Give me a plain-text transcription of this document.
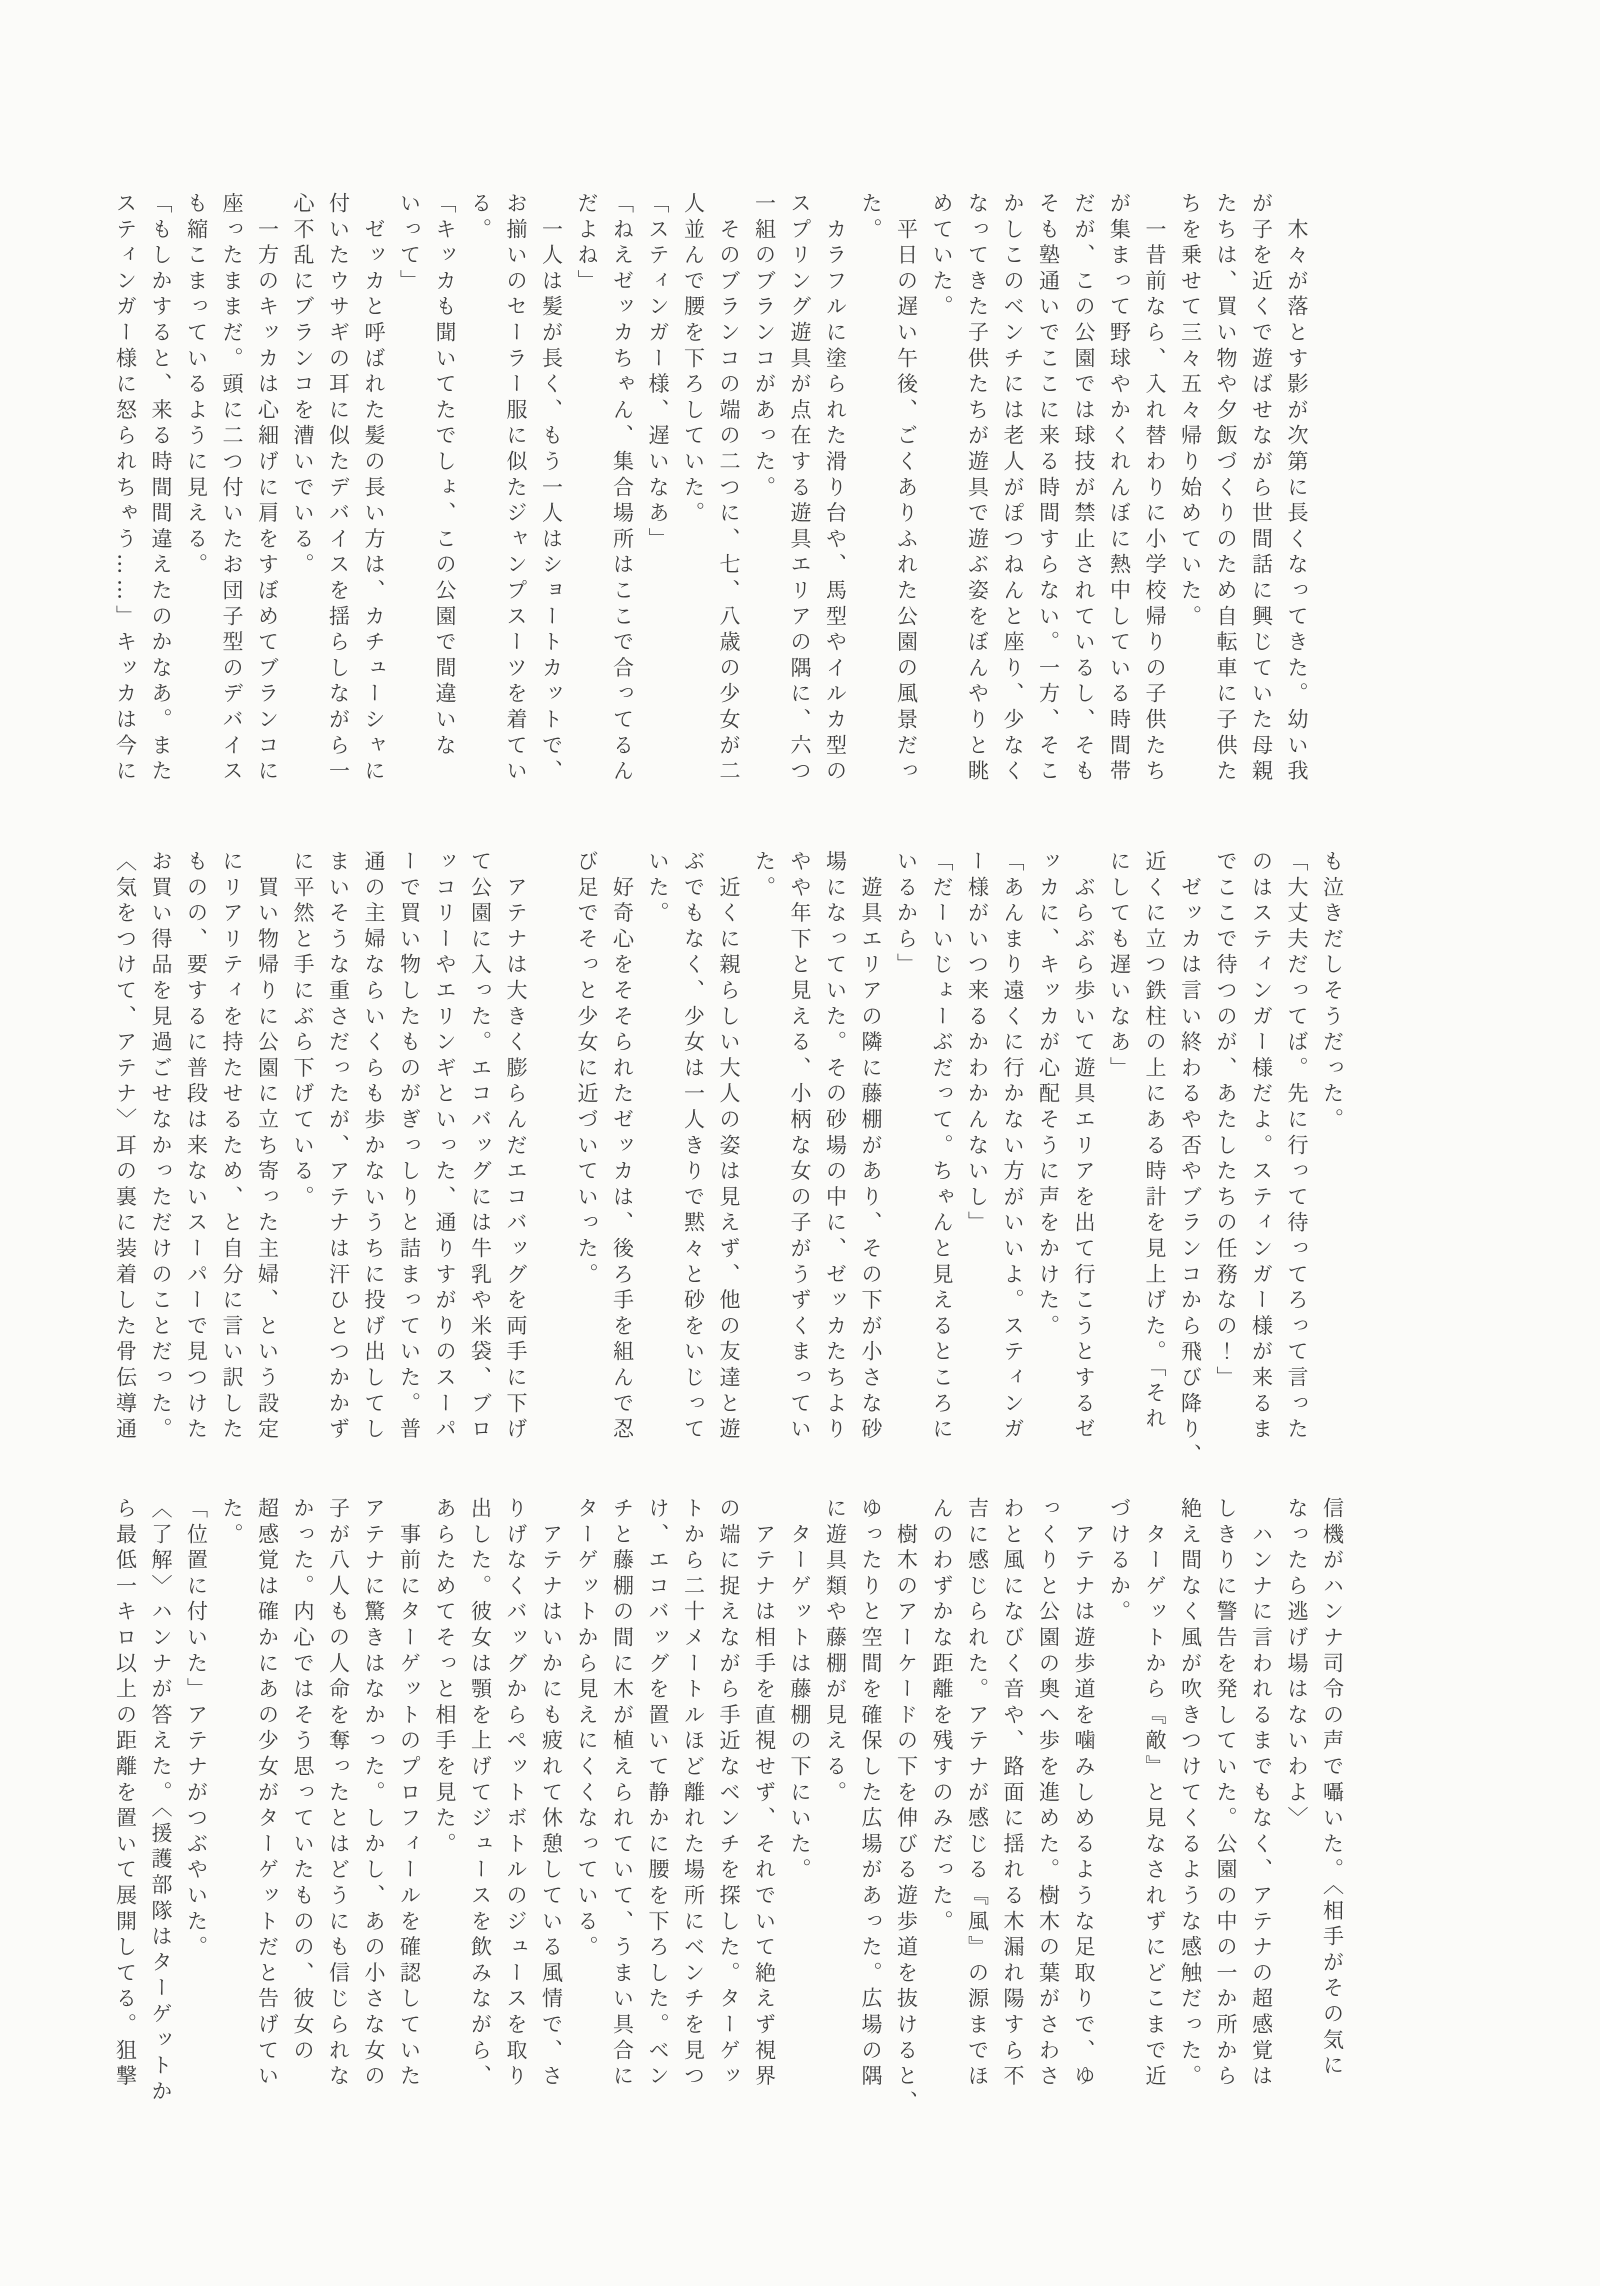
　木々が落とす影が次第に長くなってきた。幼い我
が子を近くで遊ばせながら世間話に興じていた母親
たちは、買い物や夕飯づくりのため自転車に子供た
ちを乗せて三々五々帰り始めていた。
　一昔前なら、入れ替わりに小学校帰りの子供たち
が集まって野球やかくれんぼに熱中している時間帯
だが、この公園では球技が禁止されているし、そも
そも塾通いでここに来る時間すらない。一方、そこ
かしこのベンチには老人がぽつねんと座り、少なく
なってきた子供たちが遊具で遊ぶ姿をぼんやりと眺
めていた。
　平日の遅い午後、ごくありふれた公園の風景だっ
た。
　カラフルに塗られた滑り台や、馬型やイルカ型の
スプリング遊具が点在する遊具エリアの隅に、六つ
一組のブランコがあった。
　そのブランコの端の二つに、七、八歳の少女が二
人並んで腰を下ろしていた。
「スティンガー様、遅いなあ」
「ねえゼッカちゃん、集合場所はここで合ってるん
だよね」
　一人は髪が長く、もう一人はショートカットで、
お揃いのセーラー服に似たジャンプスーツを着てい
る。
「キッカも聞いてたでしょ、この公園で間違いな
いって」
　ゼッカと呼ばれた髪の長い方は、カチューシャに
付いたウサギの耳に似たデバイスを揺らしながら一
心不乱にブランコを漕いでいる。
　一方のキッカは心細げに肩をすぼめてブランコに
座ったままだ。頭に二つ付いたお団子型のデバイス
も縮こまっているように見える。
「もしかすると、来る時間間違えたのかなあ。また
スティンガー様に怒られちゃう……」キッカは今に
も泣きだしそうだった。
「大丈夫だってば。先に行って待ってろって言った
のはスティンガー様だよ。スティンガー様が来るま
でここで待つのが、あたしたちの任務なの！」
　ゼッカは言い終わるや否やブランコから飛び降り、
近くに立つ鉄柱の上にある時計を見上げた。「それ
にしても遅いなあ」
　ぶらぶら歩いて遊具エリアを出て行こうとするゼ
ッカに、キッカが心配そうに声をかけた。
「あんまり遠くに行かない方がいいよ。スティンガ
ー様がいつ来るかわかんないし」
「だーいじょーぶだって。ちゃんと見えるところに
いるから」
　遊具エリアの隣に藤棚があり、その下が小さな砂
場になっていた。その砂場の中に、ゼッカたちより
やや年下と見える、小柄な女の子がうずくまってい
た。
　近くに親らしい大人の姿は見えず、他の友達と遊
ぶでもなく、少女は一人きりで黙々と砂をいじって
いた。
　好奇心をそそられたゼッカは、後ろ手を組んで忍
び足でそっと少女に近づいていった。

　アテナは大きく膨らんだエコバッグを両手に下げ
て公園に入った。エコバッグには牛乳や米袋、ブロ
ッコリーやエリンギといった、通りすがりのスーパ
ーで買い物したものがぎっしりと詰まっていた。普
通の主婦ならいくらも歩かないうちに投げ出してし
まいそうな重さだったが、アテナは汗ひとつかかず
に平然と手にぶら下げている。
　買い物帰りに公園に立ち寄った主婦、という設定
にリアリティを持たせるため、と自分に言い訳した
ものの、要するに普段は来ないスーパーで見つけた
お買い得品を見過ごせなかっただけのことだった。
〈気をつけて、アテナ〉耳の裏に装着した骨伝導通
信機がハンナ司令の声で囁いた。〈相手がその気に
なったら逃げ場はないわよ〉
　ハンナに言われるまでもなく、アテナの超感覚は
しきりに警告を発していた。公園の中の一か所から
絶え間なく風が吹きつけてくるような感触だった。
　ターゲットから『敵』と見なされずにどこまで近
づけるか。
　アテナは遊歩道を噛みしめるような足取りで、ゆ
っくりと公園の奥へ歩を進めた。樹木の葉がさわさ
わと風になびく音や、路面に揺れる木漏れ陽すら不
吉に感じられた。アテナが感じる『風』の源までほ
んのわずかな距離を残すのみだった。
　樹木のアーケードの下を伸びる遊歩道を抜けると、
ゆったりと空間を確保した広場があった。広場の隅
に遊具類や藤棚が見える。
　ターゲットは藤棚の下にいた。
　アテナは相手を直視せず、それでいて絶えず視界
の端に捉えながら手近なベンチを探した。ターゲッ
トから二十メートルほど離れた場所にベンチを見つ
け、エコバッグを置いて静かに腰を下ろした。ベン
チと藤棚の間に木が植えられていて、うまい具合に
ターゲットから見えにくくなっている。
　アテナはいかにも疲れて休憩している風情で、さ
りげなくバッグからペットボトルのジュースを取り
出した。彼女は顎を上げてジュースを飲みながら、
あらためてそっと相手を見た。
　事前にターゲットのプロフィールを確認していた
アテナに驚きはなかった。しかし、あの小さな女の
子が八人もの人命を奪ったとはどうにも信じられな
かった。内心ではそう思っていたものの、彼女の
超感覚は確かにあの少女がターゲットだと告げてい
た。
「位置に付いた」アテナがつぶやいた。
〈了解〉ハンナが答えた。〈援護部隊はターゲットか
ら最低一キロ以上の距離を置いて展開してる。狙撃
